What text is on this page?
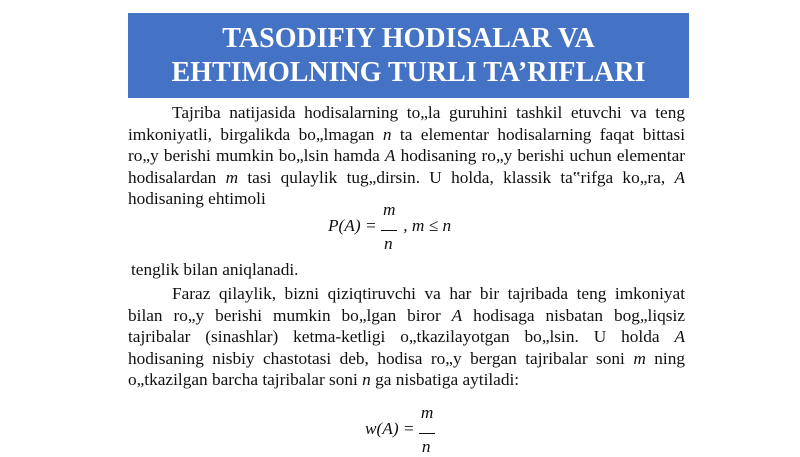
TASODIFIY HODISALAR VA
EHTIMOLNING TURLI TA’RIFLARI

Tajriba natijasida hodisalarning to„la guruhini tashkil etuvchi va teng imkoniyatli, birgalikda bo„lmagan n ta elementar hodisalarning faqat bittasi ro„y berishi mumkin bo„lsin hamda A hodisaning ro„y berishi uchun elementar hodisalardan m tasi qulaylik tug„dirsin. U holda, klassik ta‟rifga ko„ra, A hodisaning ehtimoli

$P(A) = \frac{m}{n}$ , m ≤ n
tenglik bilan aniqlanadi.

Faraz qilaylik, bizni qiziqtiruvchi va har bir tajribada teng imkoniyat bilan ro„y berishi mumkin bo„lgan biror A hodisaga nisbatan bog„liqsiz tajribalar (sinashlar) ketma-ketligi o„tkazilayotgan bo„lsin. U holda A hodisaning nisbiy chastotasi deb, hodisa ro„y bergan tajribalar soni m ning o„tkazilgan barcha tajribalar soni n ga nisbatiga aytiladi:

$w(A) = \frac{m}{n}$
